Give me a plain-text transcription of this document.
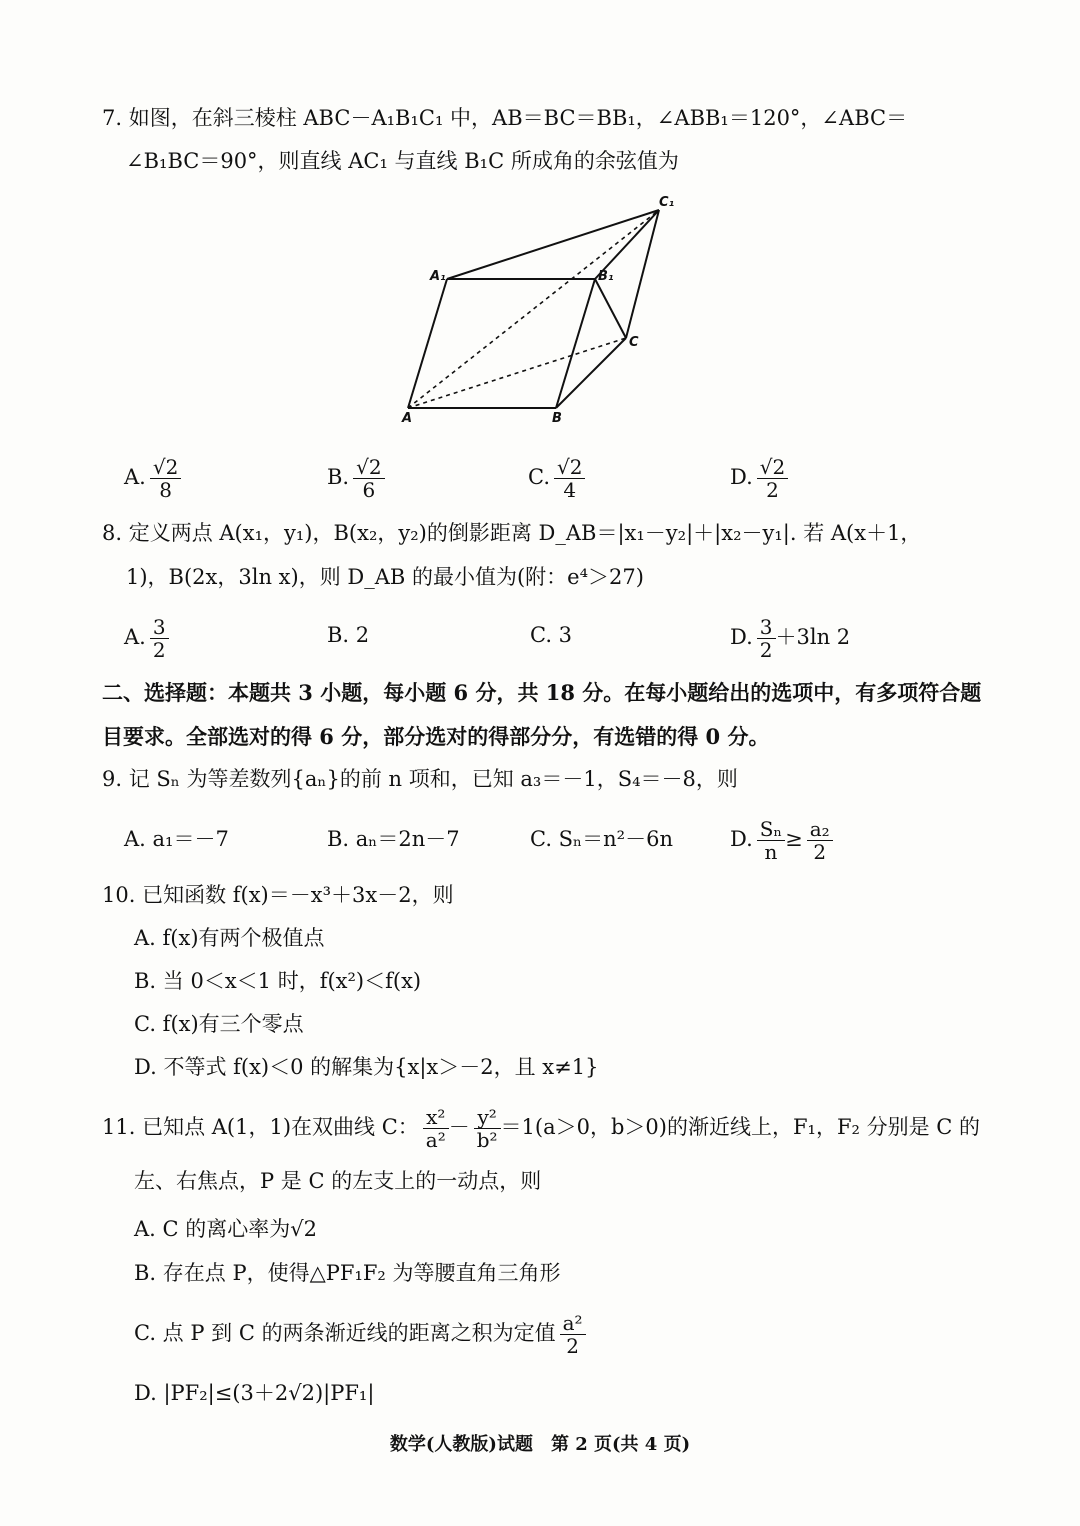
7. 如图，在斜三棱柱 ABC－A₁B₁C₁ 中，AB＝BC＝BB₁，∠ABB₁＝120°，∠ABC＝
∠B₁BC＝90°，则直线 AC₁ 与直线 B₁C 所成角的余弦值为
A	B
C
A₁	B₁
C₁
A. $\frac{√2}{8}$	B. $\frac{√2}{6}$	C. $\frac{√2}{4}$	D. $\frac{√2}{2}$
8. 定义两点 A(x₁，y₁)，B(x₂，y₂)的倒影距离 D_AB＝|x₁－y₂|＋|x₂－y₁|. 若 A(x＋1，
1)，B(2x，3ln x)，则 D_AB 的最小值为(附：e⁴＞27)
A. $\frac{3}{2}$	B. 2	C. 3	D. $\frac{3}{2} +3\ln$ 2
二、选择题：本题共 3 小题，每小题 6 分，共 18 分。在每小题给出的选项中，有多项符合题
目要求。全部选对的得 6 分，部分选对的得部分分，有选错的得 0 分。
9. 记 Sₙ 为等差数列{aₙ}的前 n 项和，已知 a₃＝－1，S₄＝－8，则
A. a₁＝－7	B. aₙ＝2n－7	C. Sₙ＝n²－6n	D. $\frac{\text{Sₙ}}{n} \ge \frac{\text{a₂}}{2}$
10. 已知函数 f(x)＝－x³＋3x－2，则
A. f(x)有两个极值点
B. 当 0＜x＜1 时，f(x²)＜f(x)
C. f(x)有三个零点
D. 不等式 f(x)＜0 的解集为{x|x＞－2，且 x≠1}
11. 已知点 A(1，1)在双曲线 C： $\frac{\text{x²}}{\text{a²}} - \frac{\text{y²}}{\text{b²}} =1(a>0$，b＞0)的渐近线上，F₁，F₂ 分别是 C 的
左、右焦点，P 是 C 的左支上的一动点，则
A. C 的离心率为√2
B. 存在点 P，使得△PF₁F₂ 为等腰直角三角形
C. 点 P 到 C 的两条渐近线的距离之积为定值 $\frac{\text{a²}}{2}$
D. |PF₂|≤(3＋2√2)|PF₁|
数学(人教版)试题　第 2 页(共 4 页)
